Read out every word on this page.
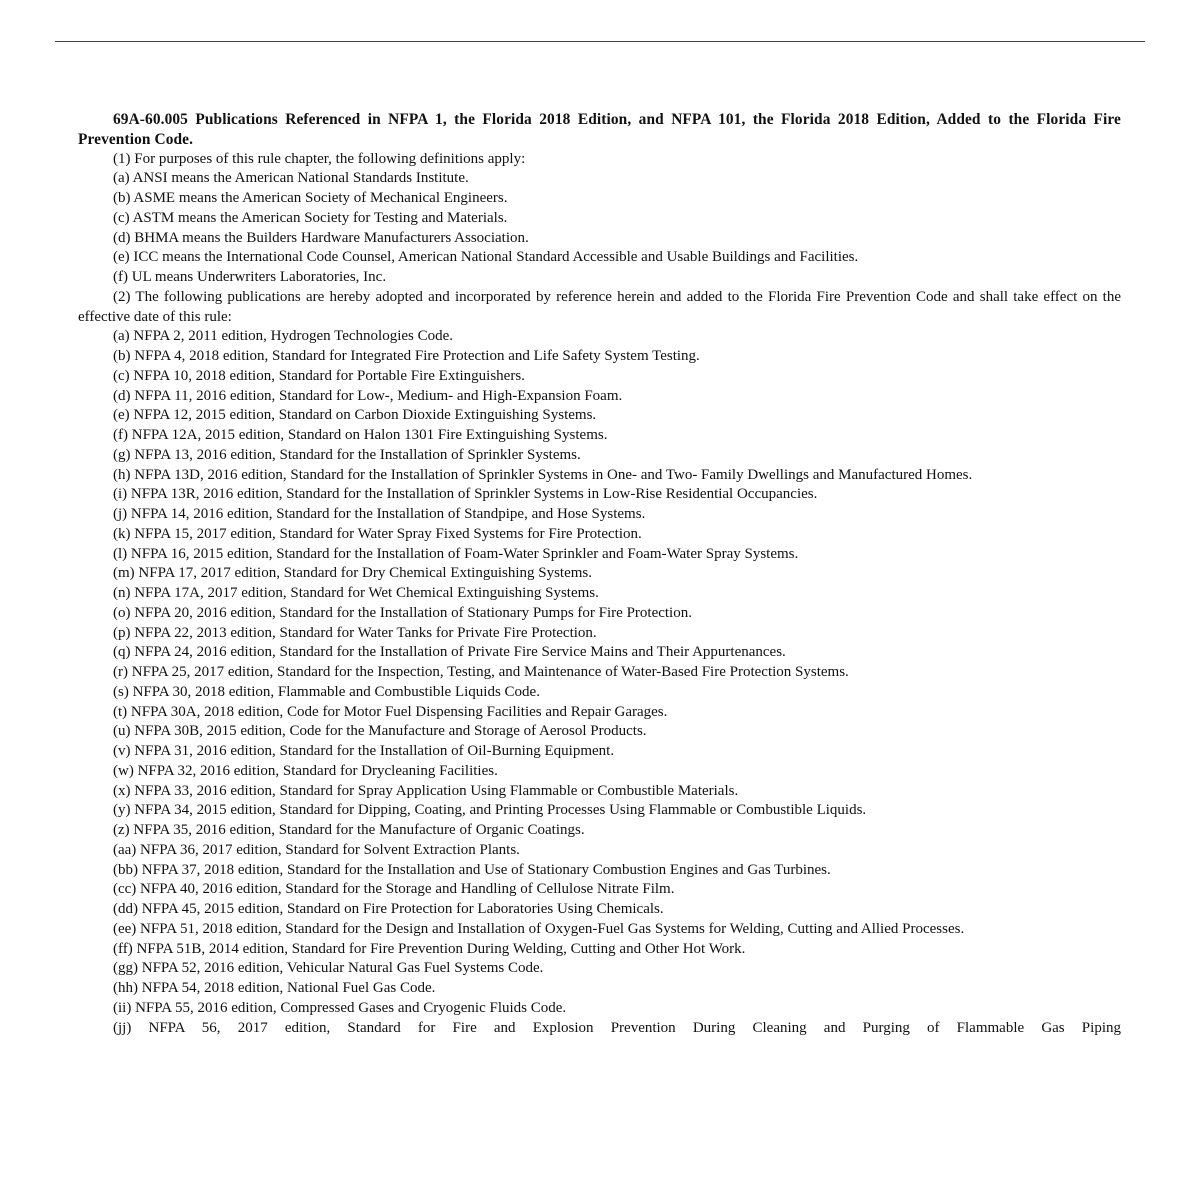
69A-60.005 Publications Referenced in NFPA 1, the Florida 2018 Edition, and NFPA 101, the Florida 2018 Edition, Added to the Florida Fire Prevention Code.

(1) For purposes of this rule chapter, the following definitions apply:

(a) ANSI means the American National Standards Institute.

(b) ASME means the American Society of Mechanical Engineers.

(c) ASTM means the American Society for Testing and Materials.

(d) BHMA means the Builders Hardware Manufacturers Association.

(e) ICC means the International Code Counsel, American National Standard Accessible and Usable Buildings and Facilities.

(f) UL means Underwriters Laboratories, Inc.

(2) The following publications are hereby adopted and incorporated by reference herein and added to the Florida Fire Prevention Code and shall take effect on the effective date of this rule:

(a) NFPA 2, 2011 edition, Hydrogen Technologies Code.

(b) NFPA 4, 2018 edition, Standard for Integrated Fire Protection and Life Safety System Testing.

(c) NFPA 10, 2018 edition, Standard for Portable Fire Extinguishers.

(d) NFPA 11, 2016 edition, Standard for Low-, Medium- and High-Expansion Foam.

(e) NFPA 12, 2015 edition, Standard on Carbon Dioxide Extinguishing Systems.

(f) NFPA 12A, 2015 edition, Standard on Halon 1301 Fire Extinguishing Systems.

(g) NFPA 13, 2016 edition, Standard for the Installation of Sprinkler Systems.

(h) NFPA 13D, 2016 edition, Standard for the Installation of Sprinkler Systems in One- and Two- Family Dwellings and Manufactured Homes.

(i) NFPA 13R, 2016 edition, Standard for the Installation of Sprinkler Systems in Low-Rise Residential Occupancies.

(j) NFPA 14, 2016 edition, Standard for the Installation of Standpipe, and Hose Systems.

(k) NFPA 15, 2017 edition, Standard for Water Spray Fixed Systems for Fire Protection.

(l) NFPA 16, 2015 edition, Standard for the Installation of Foam-Water Sprinkler and Foam-Water Spray Systems.

(m) NFPA 17, 2017 edition, Standard for Dry Chemical Extinguishing Systems.

(n) NFPA 17A, 2017 edition, Standard for Wet Chemical Extinguishing Systems.

(o) NFPA 20, 2016 edition, Standard for the Installation of Stationary Pumps for Fire Protection.

(p) NFPA 22, 2013 edition, Standard for Water Tanks for Private Fire Protection.

(q) NFPA 24, 2016 edition, Standard for the Installation of Private Fire Service Mains and Their Appurtenances.

(r) NFPA 25, 2017 edition, Standard for the Inspection, Testing, and Maintenance of Water-Based Fire Protection Systems.

(s) NFPA 30, 2018 edition, Flammable and Combustible Liquids Code.

(t) NFPA 30A, 2018 edition, Code for Motor Fuel Dispensing Facilities and Repair Garages.

(u) NFPA 30B, 2015 edition, Code for the Manufacture and Storage of Aerosol Products.

(v) NFPA 31, 2016 edition, Standard for the Installation of Oil-Burning Equipment.

(w) NFPA 32, 2016 edition, Standard for Drycleaning Facilities.

(x) NFPA 33, 2016 edition, Standard for Spray Application Using Flammable or Combustible Materials.

(y) NFPA 34, 2015 edition, Standard for Dipping, Coating, and Printing Processes Using Flammable or Combustible Liquids.

(z) NFPA 35, 2016 edition, Standard for the Manufacture of Organic Coatings.

(aa) NFPA 36, 2017 edition, Standard for Solvent Extraction Plants.

(bb) NFPA 37, 2018 edition, Standard for the Installation and Use of Stationary Combustion Engines and Gas Turbines.

(cc) NFPA 40, 2016 edition, Standard for the Storage and Handling of Cellulose Nitrate Film.

(dd) NFPA 45, 2015 edition, Standard on Fire Protection for Laboratories Using Chemicals.

(ee) NFPA 51, 2018 edition, Standard for the Design and Installation of Oxygen-Fuel Gas Systems for Welding, Cutting and Allied Processes.

(ff) NFPA 51B, 2014 edition, Standard for Fire Prevention During Welding, Cutting and Other Hot Work.

(gg) NFPA 52, 2016 edition, Vehicular Natural Gas Fuel Systems Code.

(hh) NFPA 54, 2018 edition, National Fuel Gas Code.

(ii) NFPA 55, 2016 edition, Compressed Gases and Cryogenic Fluids Code.

(jj) NFPA 56, 2017 edition, Standard for Fire and Explosion Prevention During Cleaning and Purging of Flammable Gas Piping
